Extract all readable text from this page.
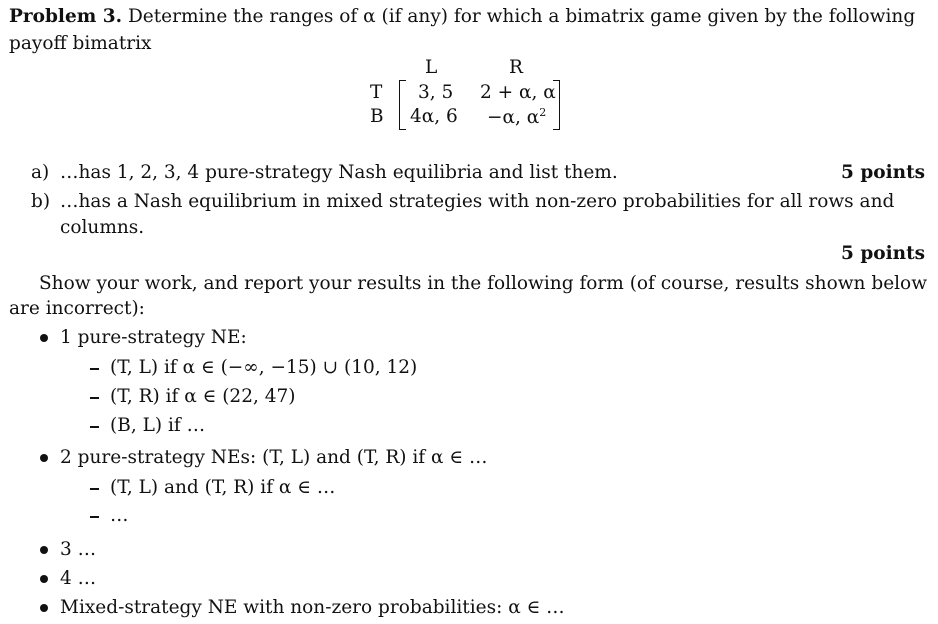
Problem 3. Determine the ranges of α (if any) for which a bimatrix game given by the following
payoff bimatrix
L	R
T
B
3, 5 2 + α, α
4α, 6 −α, $\alpha^2$
a) …has 1, 2, 3, 4 pure-strategy Nash equilibria and list them.	5 points
b) …has a Nash equilibrium in mixed strategies with non-zero probabilities for all rows and
columns.
5 points
Show your work, and report your results in the following form (of course, results shown below
are incorrect):
1 pure-strategy NE:
(T, L) if α ∈ (−∞, −15) ∪ (10, 12)
(T, R) if α ∈ (22, 47)
(B, L) if …
2 pure-strategy NEs: (T, L) and (T, R) if α ∈ …
(T, L) and (T, R) if α ∈ …
…
3 …
4 …
Mixed-strategy NE with non-zero probabilities: α ∈ …
